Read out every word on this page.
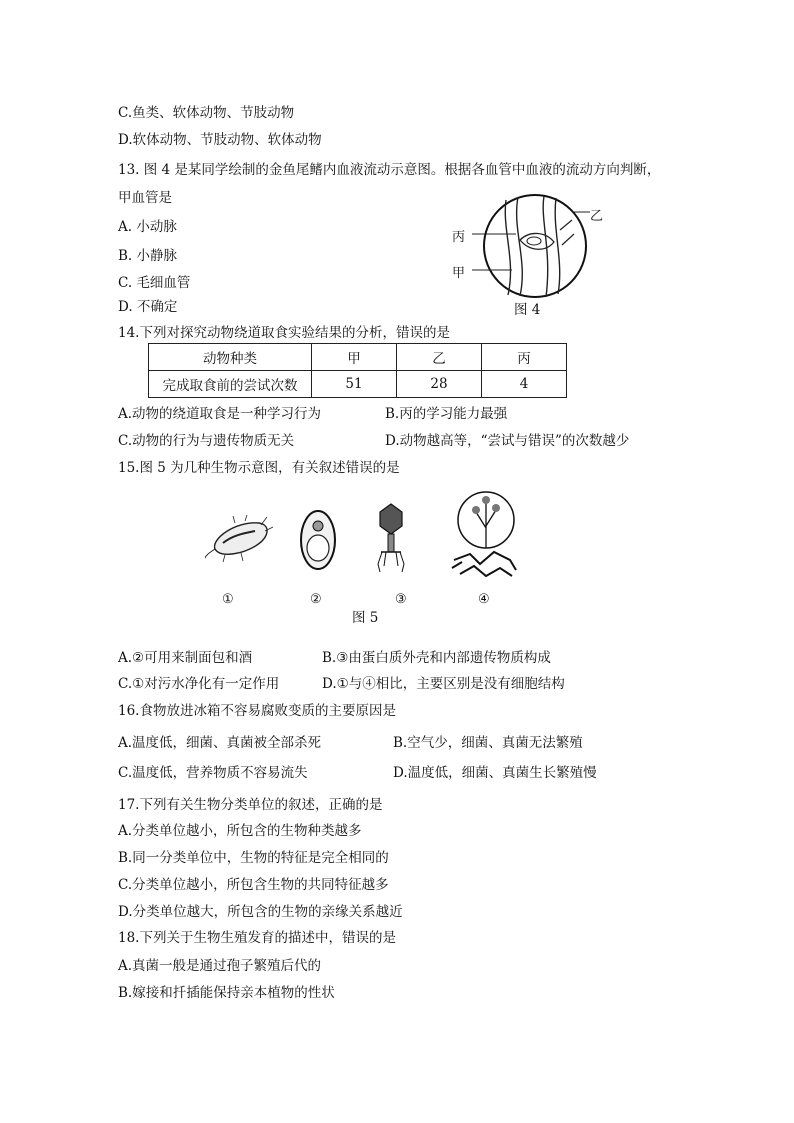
C.鱼类、软体动物、节肢动物
D.软体动物、节肢动物、软体动物
13. 图 4 是某同学绘制的金鱼尾鳍内血液流动示意图。根据各血管中血液的流动方向判断，
甲血管是
A. 小动脉
B. 小静脉
C. 毛细血管
D. 不确定
丙
乙
甲
图 4
14.下列对探究动物绕道取食实验结果的分析，错误的是
动物种类	甲	乙	丙
完成取食前的尝试次数	51	28	4
A.动物的绕道取食是一种学习行为	B.丙的学习能力最强
C.动物的行为与遗传物质无关	D.动物越高等，“尝试与错误”的次数越少
15.图 5 为几种生物示意图，有关叙述错误的是
①	②	③	④
图 5
A.②可用来制面包和酒	B.③由蛋白质外壳和内部遗传物质构成
C.①对污水净化有一定作用	D.①与④相比，主要区别是没有细胞结构
16.食物放进冰箱不容易腐败变质的主要原因是
A.温度低，细菌、真菌被全部杀死	B.空气少，细菌、真菌无法繁殖
C.温度低，营养物质不容易流失	D.温度低，细菌、真菌生长繁殖慢
17.下列有关生物分类单位的叙述，正确的是
A.分类单位越小，所包含的生物种类越多
B.同一分类单位中，生物的特征是完全相同的
C.分类单位越小，所包含生物的共同特征越多
D.分类单位越大，所包含的生物的亲缘关系越近
18.下列关于生物生殖发育的描述中，错误的是
A.真菌一般是通过孢子繁殖后代的
B.嫁接和扦插能保持亲本植物的性状
